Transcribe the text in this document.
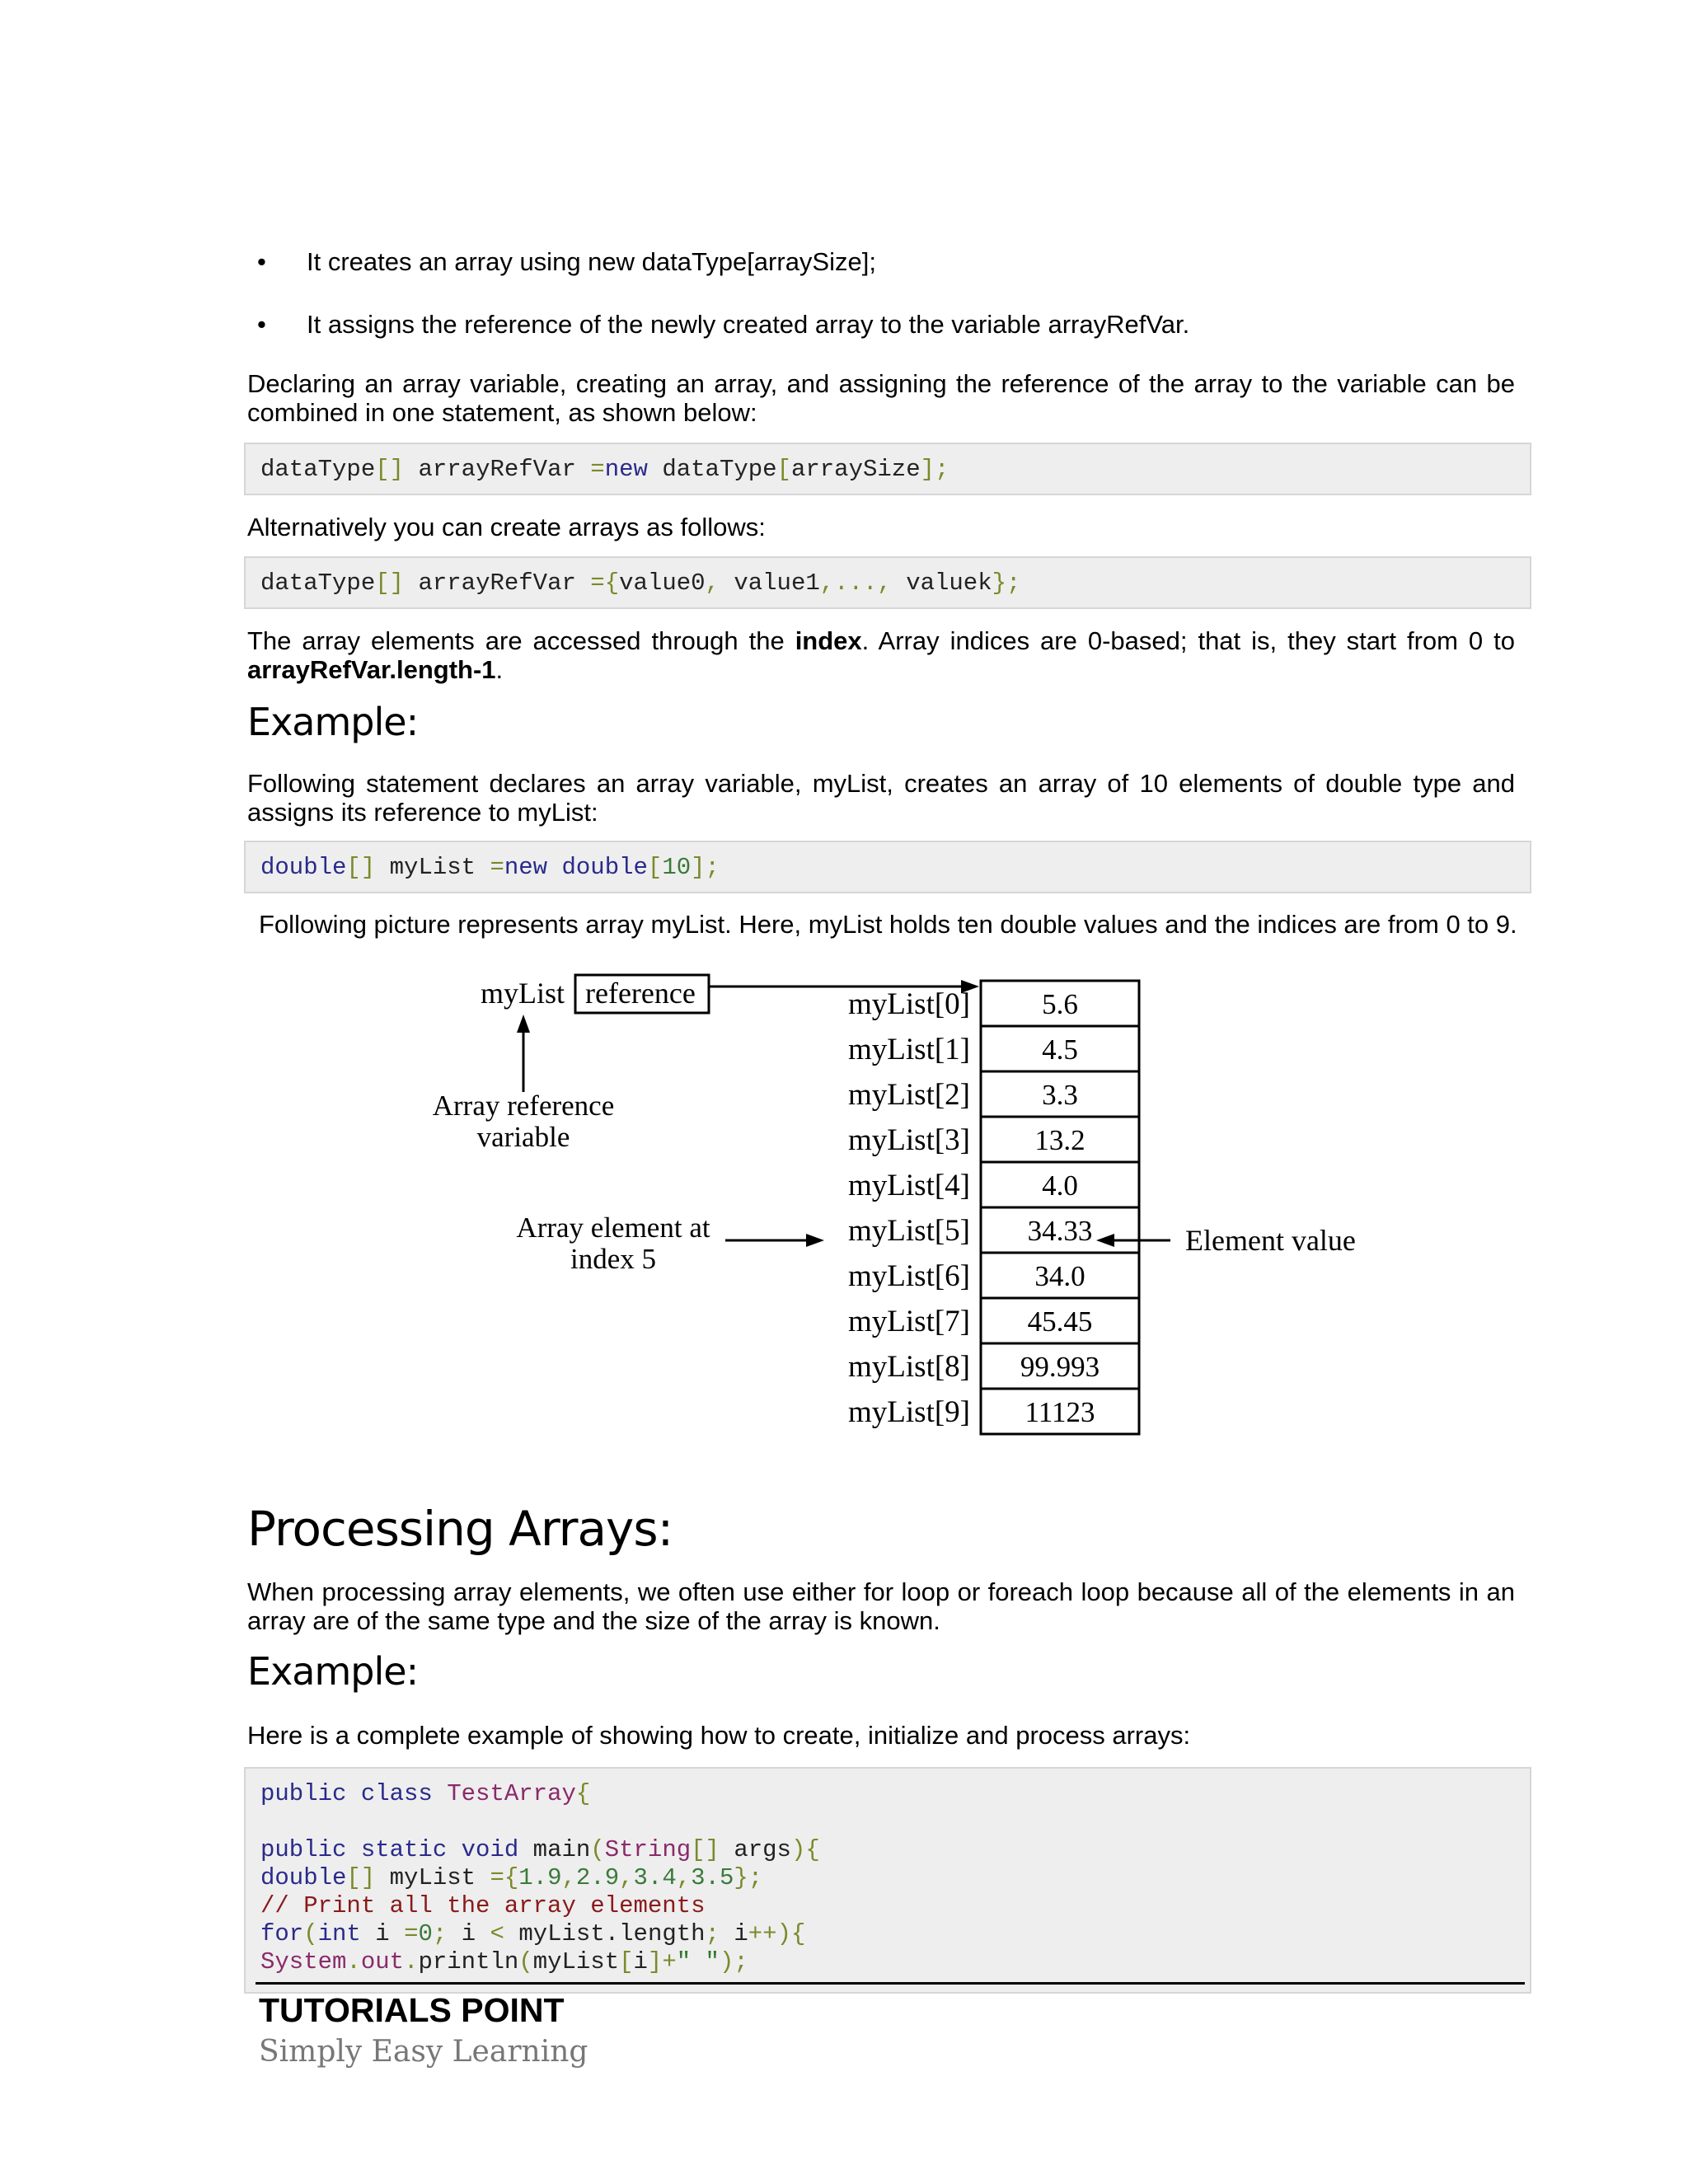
• It creates an array using new dataType[arraySize];
• It assigns the reference of the newly created array to the variable arrayRefVar.
Declaring an array variable, creating an array, and assigning the reference of the array to the variable can be combined in one statement, as shown below:
dataType[] arrayRefVar =new dataType[arraySize];
Alternatively you can create arrays as follows:
dataType[] arrayRefVar ={value0, value1,..., valuek};
The array elements are accessed through the index. Array indices are 0-based; that is, they start from 0 to arrayRefVar.length-1.
Example:
Following statement declares an array variable, myList, creates an array of 10 elements of double type and assigns its reference to myList:
double[] myList =new double[10];
Following picture represents array myList. Here, myList holds ten double values and the indices are from 0 to 9.
myList reference
Array reference
variable
Array element at
index 5
Element value
5.6
myList[0]
4.5
myList[1]
3.3
myList[2]
13.2
myList[3]
4.0
myList[4]
34.33
myList[5]
34.0
myList[6]
45.45
myList[7]
99.993
myList[8]
11123
myList[9]
Processing Arrays:
When processing array elements, we often use either for loop or foreach loop because all of the elements in an array are of the same type and the size of the array is known.
Example:
Here is a complete example of showing how to create, initialize and process arrays:
public class TestArray{

public static void main(String[] args){
double[] myList ={1.9,2.9,3.4,3.5};
// Print all the array elements
for(int i =0; i < myList.length; i++){
System.out.println(myList[i]+" ");
TUTORIALS POINT
Simply Easy Learning
